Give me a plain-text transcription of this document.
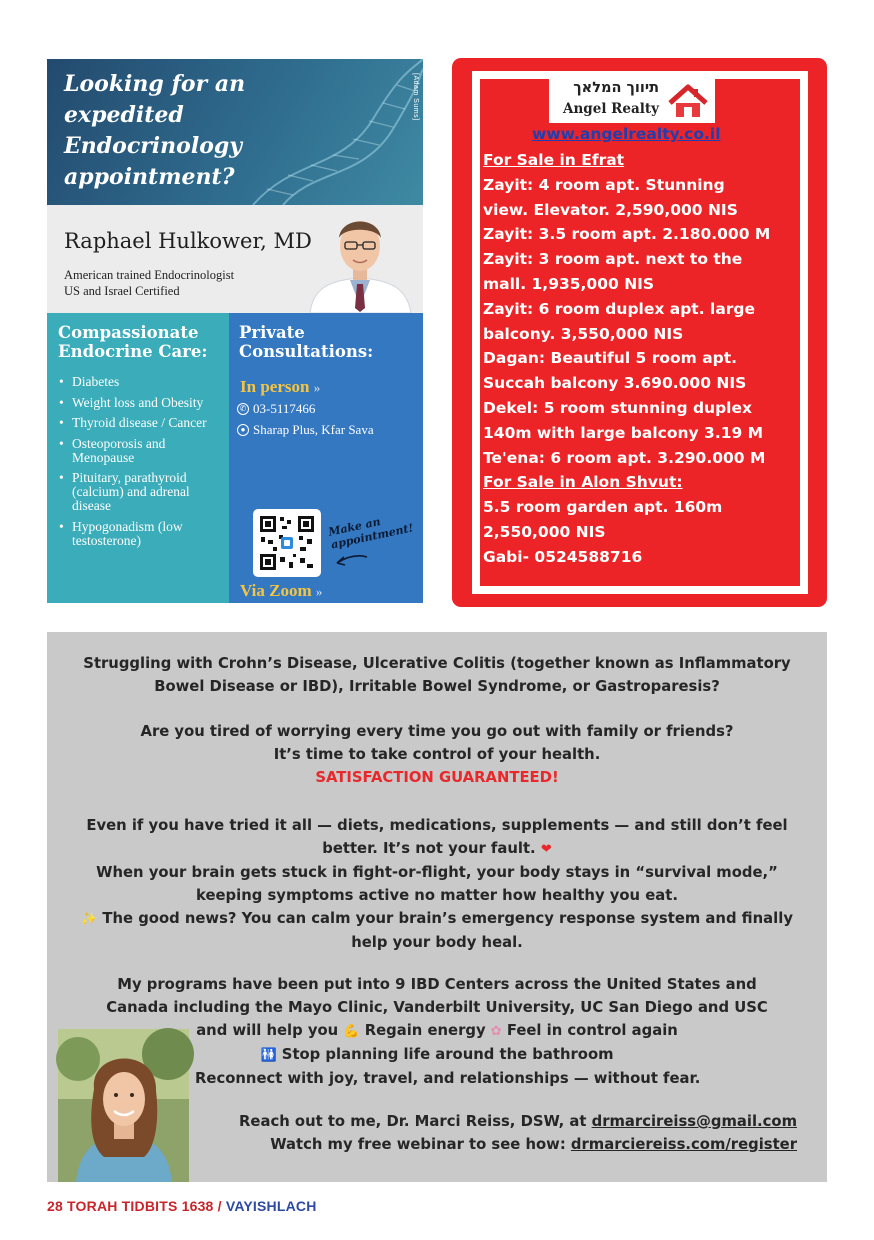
Looking for an expedited Endocrinology appointment?
[Adam Sums]
Raphael Hulkower, MD
American trained Endocrinologist
US and Israel Certified
Compassionate Endocrine Care:
• Diabetes
• Weight loss and Obesity
• Thyroid disease / Cancer
• Osteoporosis and Menopause
• Pituitary, parathyroid (calcium) and adrenal disease
• Hypogonadism (low testosterone)
Private Consultations:
In person »
✆ 03-5117466
● Sharap Plus, Kfar Sava
Make an appointment!
Via Zoom »
✆ 055-500-3342
תיווך המלאך
Angel Realty
www.angelrealty.co.il
For Sale in Efrat
Zayit: 4 room apt. Stunning
view. Elevator. 2,590,000 NIS
Zayit: 3.5 room apt. 2.180.000 M
Zayit: 3 room apt. next to the
mall. 1,935,000 NIS
Zayit: 6 room duplex apt. large
balcony. 3,550,000 NIS
Dagan: Beautiful 5 room apt.
Succah balcony 3.690.000 NIS
Dekel: 5 room stunning duplex
140m with large balcony 3.19 M
Te'ena: 6 room apt. 3.290.000 M
For Sale in Alon Shvut:
5.5 room garden apt. 160m
2,550,000 NIS
Gabi- 0524588716
Struggling with Crohn’s Disease, Ulcerative Colitis (together known as Inflammatory
Bowel Disease or IBD), Irritable Bowel Syndrome, or Gastroparesis?
Are you tired of worrying every time you go out with family or friends?
It’s time to take control of your health.
SATISFACTION GUARANTEED!
Even if you have tried it all — diets, medications, supplements — and still don’t feel
better. It’s not your fault. ❤
When your brain gets stuck in fight-or-flight, your body stays in “survival mode,”
keeping symptoms active no matter how healthy you eat.
✨ The good news? You can calm your brain’s emergency response system and finally
help your body heal.
My programs have been put into 9 IBD Centers across the United States and
Canada including the Mayo Clinic, Vanderbilt University, UC San Diego and USC
and will help you 💪 Regain energy ✿ Feel in control again
🚻 Stop planning life around the bathroom
Reconnect with joy, travel, and relationships — without fear.
Reach out to me, Dr. Marci Reiss, DSW, at drmarcireiss@gmail.com
Watch my free webinar to see how: drmarciereiss.com/register
28 TORAH TIDBITS 1638 / VAYISHLACH
